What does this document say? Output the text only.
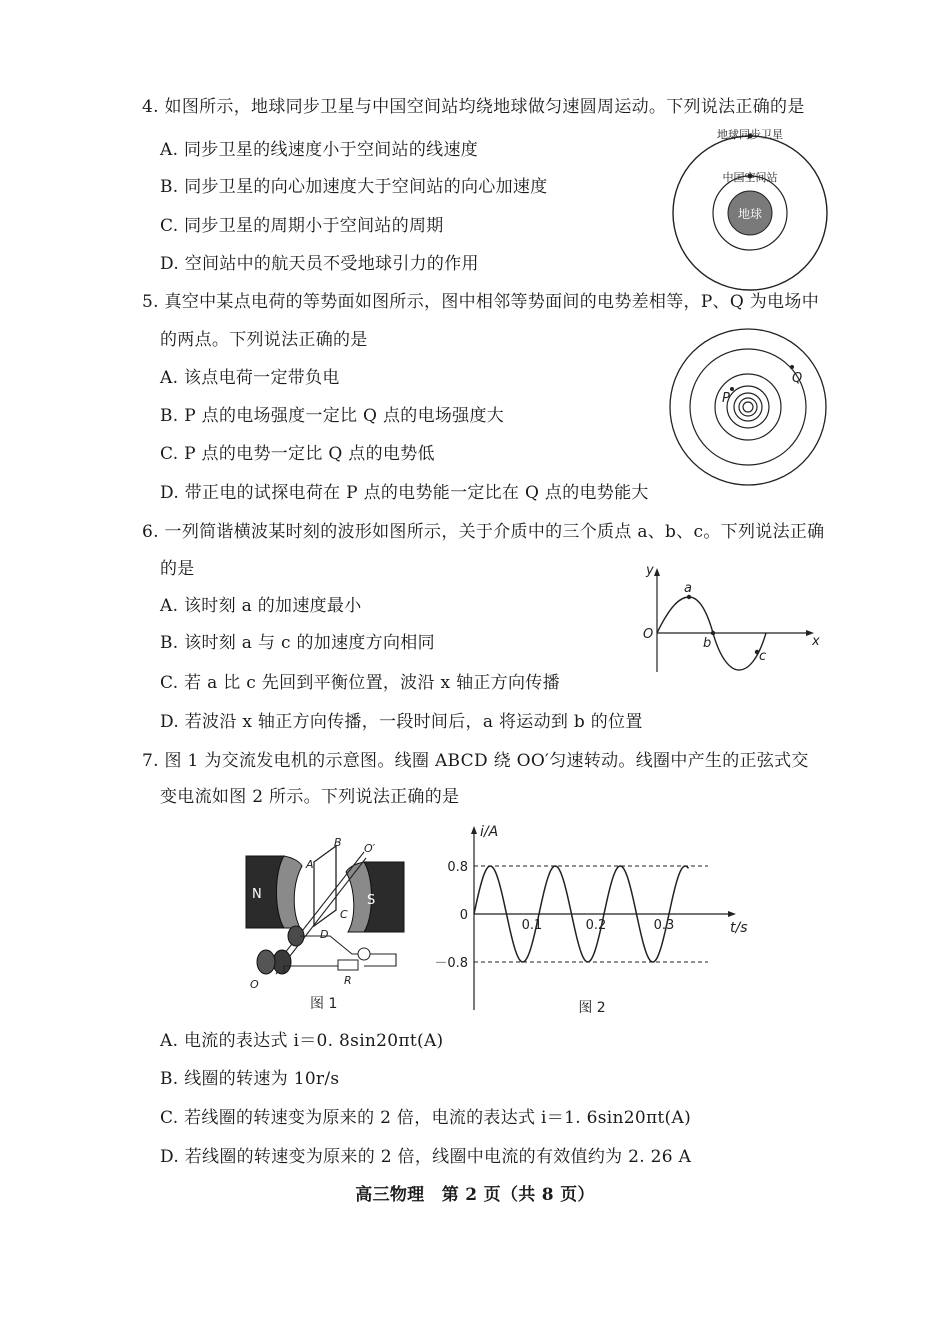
4. 如图所示，地球同步卫星与中国空间站均绕地球做匀速圆周运动。下列说法正确的是
A. 同步卫星的线速度小于空间站的线速度
B. 同步卫星的向心加速度大于空间站的向心加速度
C. 同步卫星的周期小于空间站的周期
D. 空间站中的航天员不受地球引力的作用
地球同步卫星
中国空间站
地球
5. 真空中某点电荷的等势面如图所示，图中相邻等势面间的电势差相等，P、Q 为电场中
的两点。下列说法正确的是
A. 该点电荷一定带负电
B. P 点的电场强度一定比 Q 点的电场强度大
C. P 点的电势一定比 Q 点的电势低
D. 带正电的试探电荷在 P 点的电势能一定比在 Q 点的电势能大
P
Q
6. 一列简谐横波某时刻的波形如图所示，关于介质中的三个质点 a、b、c。下列说法正确
的是
A. 该时刻 a 的加速度最小
B. 该时刻 a 与 c 的加速度方向相同
C. 若 a 比 c 先回到平衡位置，波沿 x 轴正方向传播
D. 若波沿 x 轴正方向传播，一段时间后，a 将运动到 b 的位置
y
x
O
a
b
c
7. 图 1 为交流发电机的示意图。线圈 ABCD 绕 OO′匀速转动。线圈中产生的正弦式交
变电流如图 2 所示。下列说法正确的是
N	S
A
B
C
D
O′
O	R
图 1
i/A
t/s
0.8
0
－0.8
0.1	0.2	0.3
图 2
A. 电流的表达式 i＝0. 8sin20πt(A)
B. 线圈的转速为 10r/s
C. 若线圈的转速变为原来的 2 倍，电流的表达式 i＝1. 6sin20πt(A)
D. 若线圈的转速变为原来的 2 倍，线圈中电流的有效值约为 2. 26 A
高三物理　第 2 页（共 8 页）
